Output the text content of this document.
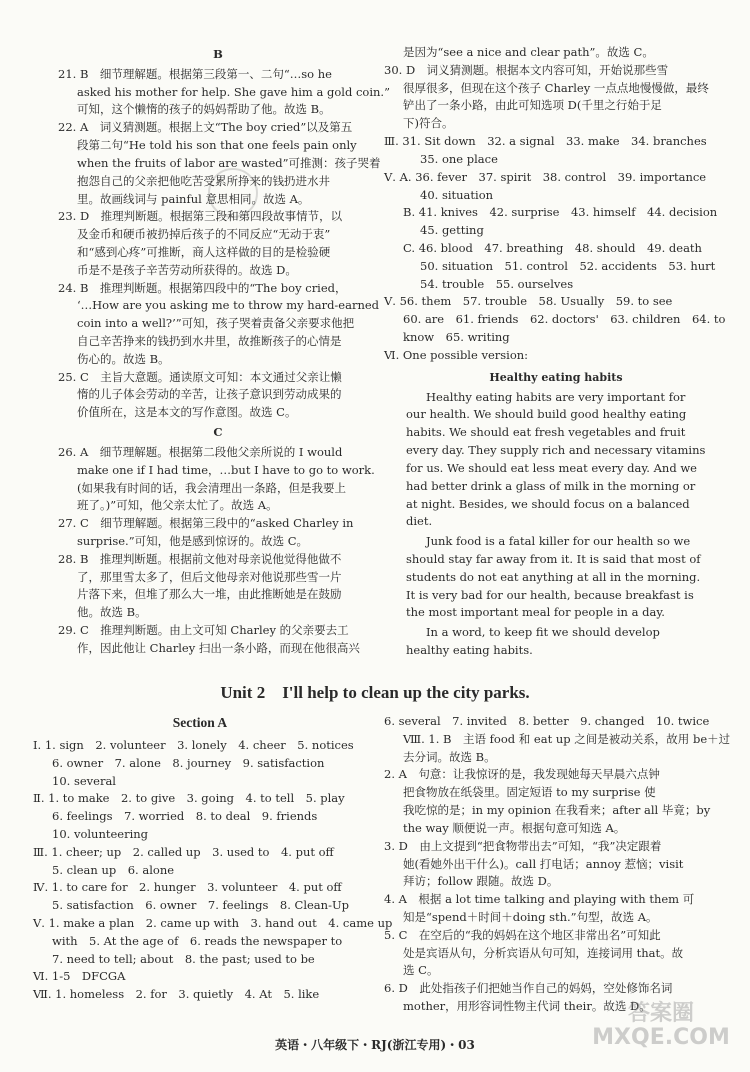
B

21. B　细节理解题。根据第三段第一、二句“…so he

asked his mother for help. She gave him a gold coin.”

可知，这个懒惰的孩子的妈妈帮助了他。故选 B。

22. A　词义猜测题。根据上文“The boy cried”以及第五

段第二句“He told his son that one feels pain only

when the fruits of labor are wasted”可推测：孩子哭着

抱怨自己的父亲把他吃苦受累所挣来的钱扔进水井

里。故画线词与 painful 意思相同。故选 A。

23. D　推理判断题。根据第三段和第四段故事情节，以

及金币和硬币被扔掉后孩子的不同反应“无动于衷”

和“感到心疼”可推断，商人这样做的目的是检验硬

币是不是孩子辛苦劳动所获得的。故选 D。

24. B　推理判断题。根据第四段中的“The boy cried，

‘…How are you asking me to throw my hard-earned

coin into a well?’”可知，孩子哭着责备父亲要求他把

自己辛苦挣来的钱扔到水井里，故推断孩子的心情是

伤心的。故选 B。

25. C　主旨大意题。通读原文可知：本文通过父亲让懒

惰的儿子体会劳动的辛苦，让孩子意识到劳动成果的

价值所在，这是本文的写作意图。故选 C。

C

26. A　细节理解题。根据第二段他父亲所说的 I would

make one if I had time，…but I have to go to work.

(如果我有时间的话，我会清理出一条路，但是我要上

班了。)”可知，他父亲太忙了。故选 A。

27. C　细节理解题。根据第三段中的“asked Charley in

surprise.”可知，他是感到惊讶的。故选 C。

28. B　推理判断题。根据前文他对母亲说他觉得他做不

了，那里雪太多了，但后文他母亲对他说那些雪一片

片落下来，但堆了那么大一堆，由此推断她是在鼓励

他。故选 B。

29. C　推理判断题。由上文可知 Charley 的父亲要去工

作，因此他让 Charley 扫出一条小路，而现在他很高兴

是因为“see a nice and clear path”。故选 C。

30. D　词义猜测题。根据本文内容可知，开始说那些雪

很厚很多，但现在这个孩子 Charley 一点点地慢慢做，最终

铲出了一条小路，由此可知选项 D(千里之行始于足

下)符合。

Ⅲ. 31. Sit down　32. a signal　33. make　34. branches

35. one place

Ⅴ. A. 36. fever　37. spirit　38. control　39. importance

40. situation

B. 41. knives　42. surprise　43. himself　44. decision

45. getting

C. 46. blood　47. breathing　48. should　49. death

50. situation　51. control　52. accidents　53. hurt

54. trouble　55. ourselves

Ⅴ. 56. them　57. trouble　58. Usually　59. to see

60. are　61. friends　62. doctors'　63. children　64. to

know　65. writing

Ⅵ. One possible version:

Healthy eating habits

Healthy eating habits are very important for our health. We should build good healthy eating habits. We should eat fresh vegetables and fruit every day. They supply rich and necessary vitamins for us. We should eat less meat every day. And we had better drink a glass of milk in the morning or at night. Besides, we should focus on a balanced diet.

Junk food is a fatal killer for our health so we should stay far away from it. It is said that most of students do not eat anything at all in the morning. It is very bad for our health, because breakfast is the most important meal for people in a day.

In a word, to keep fit we should develop healthy eating habits.

Unit 2　I'll help to clean up the city parks.

Section A

Ⅰ. 1. sign　2. volunteer　3. lonely　4. cheer　5. notices

6. owner　7. alone　8. journey　9. satisfaction

10. several

Ⅱ. 1. to make　2. to give　3. going　4. to tell　5. play

6. feelings　7. worried　8. to deal　9. friends

10. volunteering

Ⅲ. 1. cheer; up　2. called up　3. used to　4. put off

5. clean up　6. alone

Ⅳ. 1. to care for　2. hunger　3. volunteer　4. put off

5. satisfaction　6. owner　7. feelings　8. Clean-Up

Ⅴ. 1. make a plan　2. came up with　3. hand out　4. came up

with　5. At the age of　6. reads the newspaper to

7. need to tell; about　8. the past; used to be

Ⅵ. 1-5　DFCGA

Ⅶ. 1. homeless　2. for　3. quietly　4. At　5. like

6. several　7. invited　8. better　9. changed　10. twice

Ⅷ. 1. B　主语 food 和 eat up 之间是被动关系，故用 be＋过

去分词。故选 B。

2. A　句意：让我惊讶的是，我发现她每天早晨六点钟

把食物放在纸袋里。固定短语 to my surprise 使

我吃惊的是；in my opinion 在我看来；after all 毕竟；by

the way 顺便说一声。根据句意可知选 A。

3. D　由上文提到“把食物带出去”可知，“我”决定跟着

她(看她外出干什么)。call 打电话；annoy 惹恼；visit

拜访；follow 跟随。故选 D。

4. A　根据 a lot time talking and playing with them 可

知是“spend＋时间＋doing sth.”句型，故选 A。

5. C　在空后的“我的妈妈在这个地区非常出名”可知此

处是宾语从句，分析宾语从句可知，连接词用 that。故

选 C。

6. D　此处指孩子们把她当作自己的妈妈，空处修饰名词

mother，用形容词性物主代词 their。故选 D。

英语・八年级下・RJ(浙江专用)・03
答案圈
MXQE.COM
